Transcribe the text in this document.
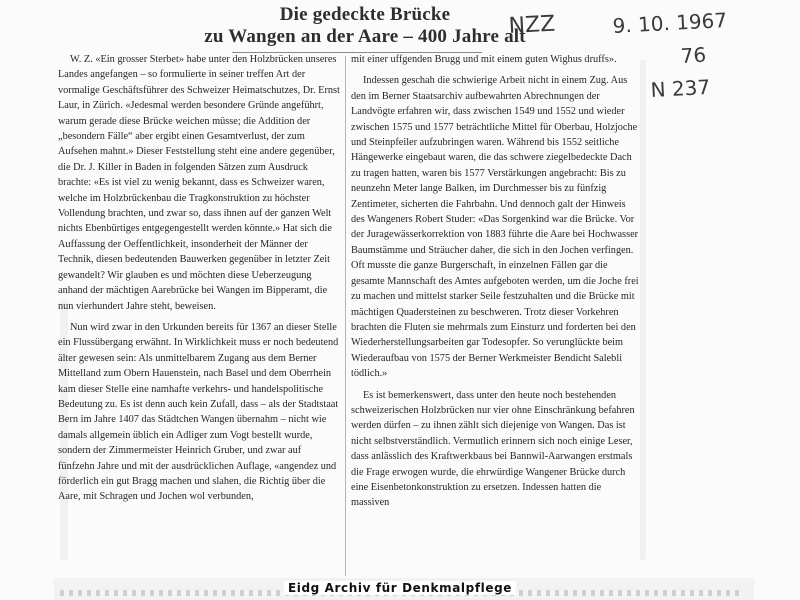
Die gedeckte Brücke
zu Wangen an der Aare – 400 Jahre alt
NZZ	9. 10. 1967
76
N 237

W. Z. «Ein grosser Sterbet» habe unter den Holzbrücken unseres Landes angefangen – so formulierte in seiner treffen Art der vormalige Geschäftsführer des Schweizer Heimatschutzes, Dr. Ernst Laur, in Zürich. «Jedesmal werden besondere Gründe angeführt, warum gerade diese Brücke weichen müsse; die Addition der „besondern Fälle“ aber ergibt einen Gesamtverlust, der zum Aufsehen mahnt.» Dieser Feststellung steht eine andere gegenüber, die Dr. J. Killer in Baden in folgenden Sätzen zum Ausdruck brachte: «Es ist viel zu wenig bekannt, dass es Schweizer waren, welche im Holzbrückenbau die Tragkonstruktion zu höchster Vollendung brachten, und zwar so, dass ihnen auf der ganzen Welt nichts Ebenbürtiges entgegengestellt werden könnte.» Hat sich die Auffassung der Oeffentlichkeit, insonderheit der Männer der Technik, diesen bedeutenden Bauwerken gegenüber in letzter Zeit gewandelt? Wir glauben es und möchten diese Ueberzeugung anhand der mächtigen Aarebrücke bei Wangen im Bipperamt, die nun vierhundert Jahre steht, beweisen.

Nun wird zwar in den Urkunden bereits für 1367 an dieser Stelle ein Flussübergang erwähnt. In Wirklichkeit muss er noch bedeutend älter gewesen sein: Als unmittelbarem Zugang aus dem Berner Mittelland zum Obern Hauenstein, nach Basel und dem Oberrhein kam dieser Stelle eine namhafte verkehrs- und handelspolitische Bedeutung zu. Es ist denn auch kein Zufall, dass – als der Stadtstaat Bern im Jahre 1407 das Städtchen Wangen übernahm – nicht wie damals allgemein üblich ein Adliger zum Vogt bestellt wurde, sondern der Zimmermeister Heinrich Gruber, und zwar auf fünfzehn Jahre und mit der ausdrücklichen Auflage, «angendez und förderlich ein gut Bragg machen und slahen, die Richtig über die Aare, mit Schragen und Jochen wol verbunden,

mit einer uffgenden Brugg und mit einem guten Wighus druffs».

Indessen geschah die schwierige Arbeit nicht in einem Zug. Aus den im Berner Staatsarchiv aufbewahrten Abrechnungen der Landvögte erfahren wir, dass zwischen 1549 und 1552 und wieder zwischen 1575 und 1577 beträchtliche Mittel für Oberbau, Holzjoche und Steinpfeiler aufzubringen waren. Während bis 1552 seitliche Hängewerke eingebaut waren, die das schwere ziegelbedeckte Dach zu tragen hatten, waren bis 1577 Verstärkungen angebracht: Bis zu neunzehn Meter lange Balken, im Durchmesser bis zu fünfzig Zentimeter, sicherten die Fahrbahn. Und dennoch galt der Hinweis des Wangeners Robert Studer: «Das Sorgenkind war die Brücke. Vor der Juragewässerkorrektion von 1883 führte die Aare bei Hochwasser Baumstämme und Sträucher daher, die sich in den Jochen verfingen. Oft musste die ganze Burgerschaft, in einzelnen Fällen gar die gesamte Mannschaft des Amtes aufgeboten werden, um die Joche frei zu machen und mittelst starker Seile festzuhalten und die Brücke mit mächtigen Quadersteinen zu beschweren. Trotz dieser Vorkehren brachten die Fluten sie mehrmals zum Einsturz und forderten bei den Wiederherstellungsarbeiten gar Todesopfer. So verunglückte beim Wiederaufbau von 1575 der Berner Werkmeister Bendicht Salebli tödlich.»

Es ist bemerkenswert, dass unter den heute noch bestehenden schweizerischen Holzbrücken nur vier ohne Einschränkung befahren werden dürfen – zu ihnen zählt sich diejenige von Wangen. Das ist nicht selbstverständlich. Vermutlich erinnern sich noch einige Leser, dass anlässlich des Kraftwerkbaus bei Bannwil-Aarwangen erstmals die Frage erwogen wurde, die ehrwürdige Wangener Brücke durch eine Eisenbetonkonstruktion zu ersetzen. Indessen hatten die massiven

Eidg Archiv für Denkmalpflege
